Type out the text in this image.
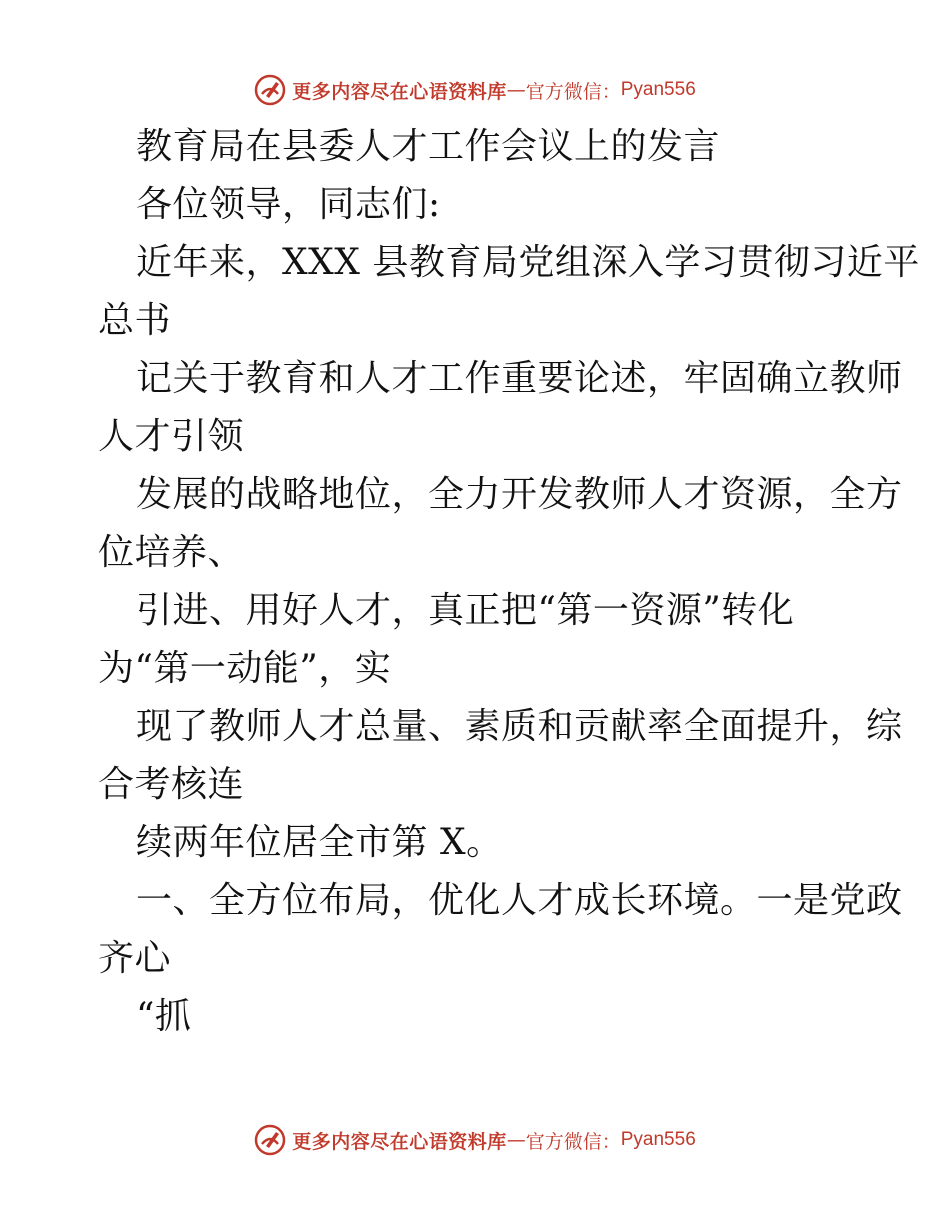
更多内容尽在心语资料库 — 官方微信： Pyan556
教育局在县委人才工作会议上的发言
各位领导，同志们:
近年来，XXX 县教育局党组深入学习贯彻习近平
总书
记关于教育和人才工作重要论述，牢固确立教师
人才引领
发展的战略地位，全力开发教师人才资源，全方
位培养、
引进、用好人才，真正把“第一资源”转化
为“第一动能”，实
现了教师人才总量、素质和贡献率全面提升，综
合考核连
续两年位居全市第 X。
一、全方位布局，优化人才成长环境。一是党政
齐心
“抓
更多内容尽在心语资料库 — 官方微信： Pyan556
